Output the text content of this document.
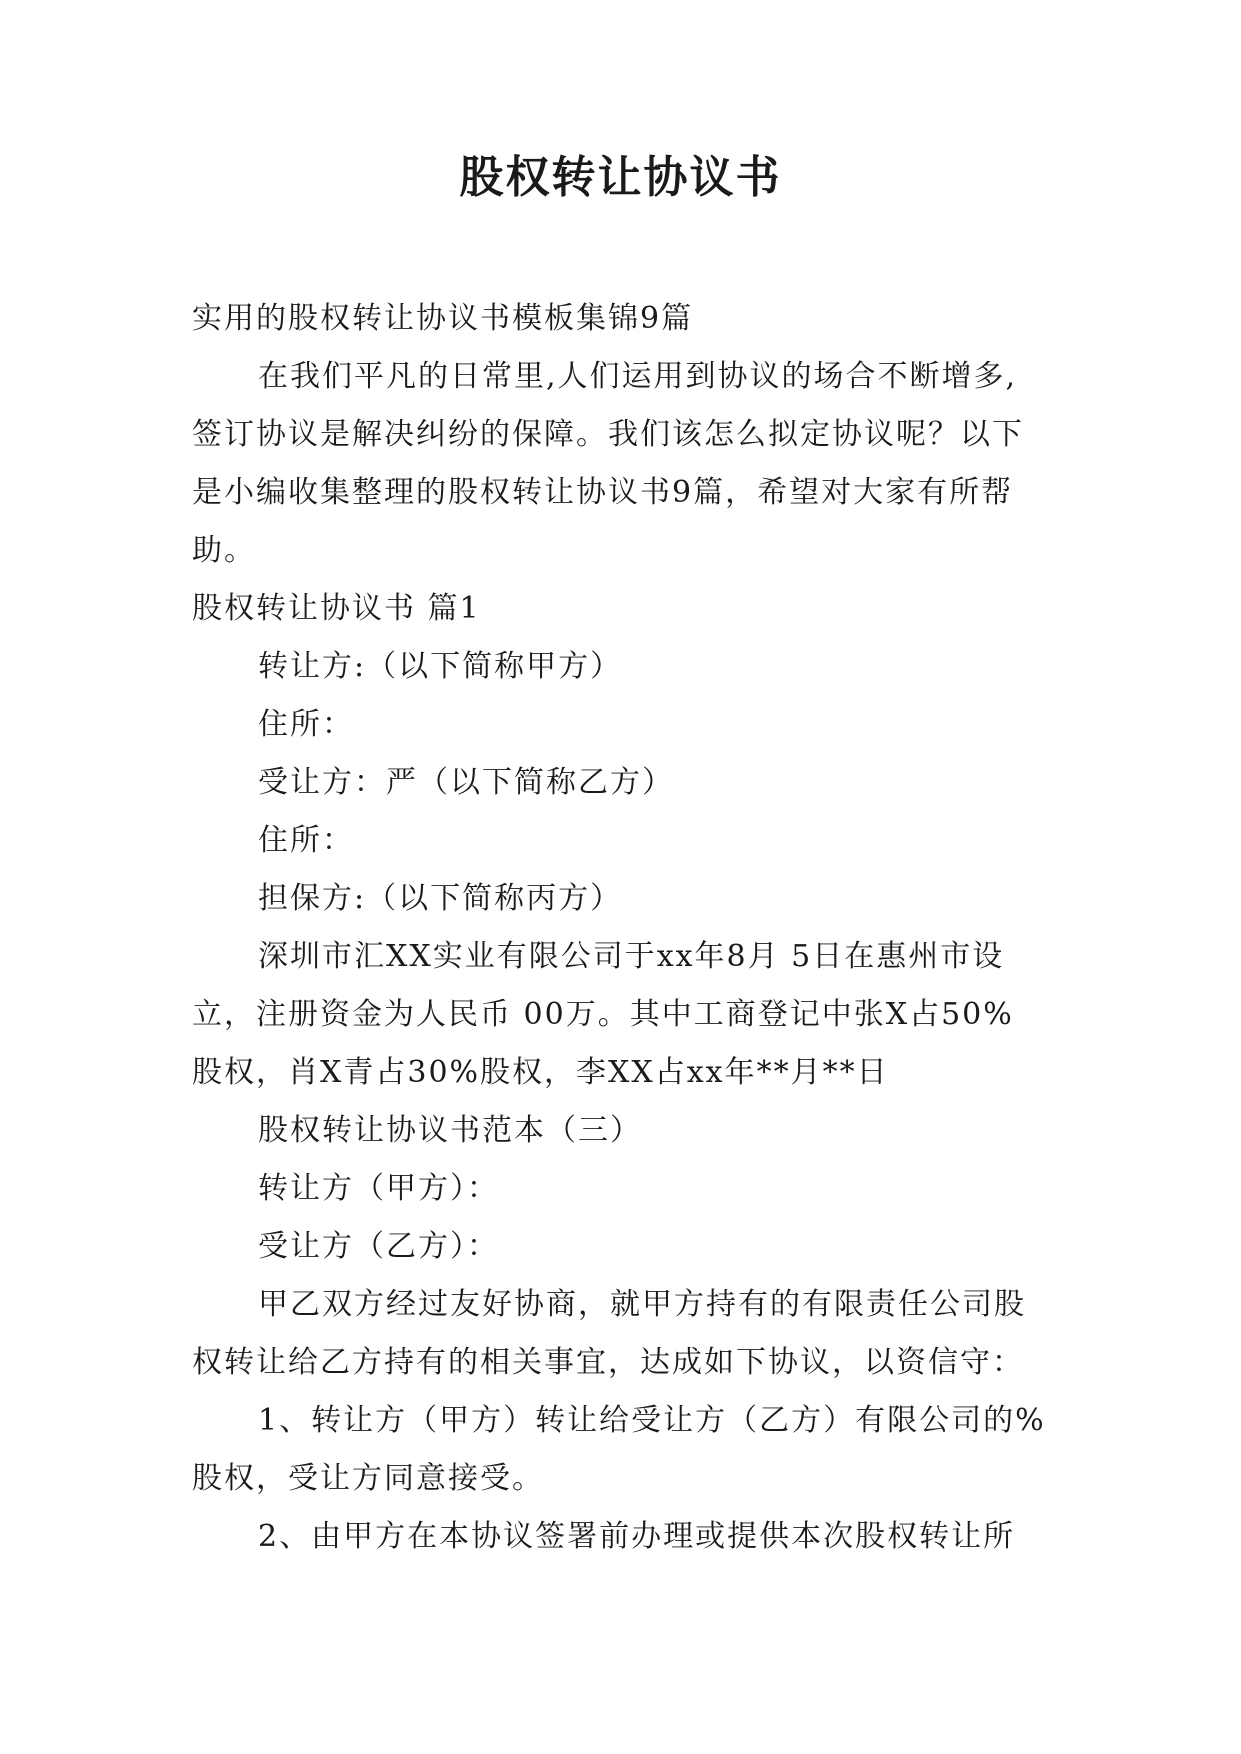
股权转让协议书
实用的股权转让协议书模板集锦9篇
在我们平凡的日常里,人们运用到协议的场合不断增多,
签订协议是解决纠纷的保障。我们该怎么拟定协议呢？以下
是小编收集整理的股权转让协议书9篇，希望对大家有所帮
助。
股权转让协议书 篇1
转让方:（以下简称甲方）
住所：
受让方：严（以下简称乙方）
住所：
担保方:（以下简称丙方）
深圳市汇XX实业有限公司于xx年8月 5日在惠州市设
立，注册资金为人民币 00万。其中工商登记中张X占50%
股权，肖X青占30%股权，李XX占xx年**月**日
股权转让协议书范本（三）
转让方（甲方）：
受让方（乙方）：
甲乙双方经过友好协商，就甲方持有的有限责任公司股
权转让给乙方持有的相关事宜，达成如下协议，以资信守：
1、转让方（甲方）转让给受让方（乙方）有限公司的%
股权，受让方同意接受。
2、由甲方在本协议签署前办理或提供本次股权转让所
